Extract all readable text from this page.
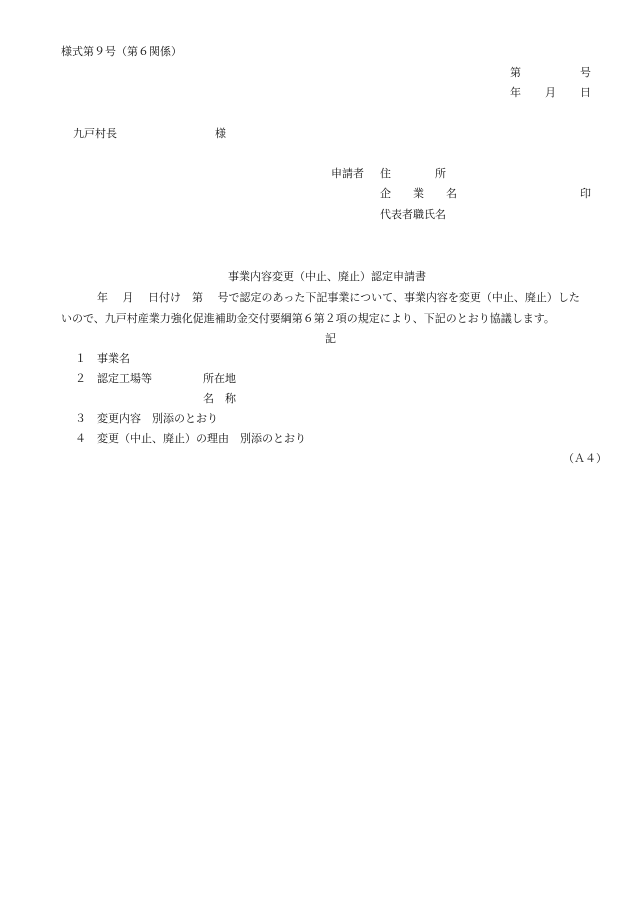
様式第９号（第６関係）
第	号
年 月 日
九戸村長	様
申請者 住　　　　所
企　　業　　名	印
代表者職氏名
事業内容変更（中止、廃止）認定申請書
年　 月　 日付け　第　 号で認定のあった下記事業について、事業内容を変更（中止、廃止）した
いので、九戸村産業力強化促進補助金交付要綱第６第２項の規定により、下記のとおり協議します。
記
１ 事業名
２ 認定工場等	所在地
名　称
３ 変更内容　別添のとおり
４ 変更（中止、廃止）の理由　別添のとおり
（Ａ４）
